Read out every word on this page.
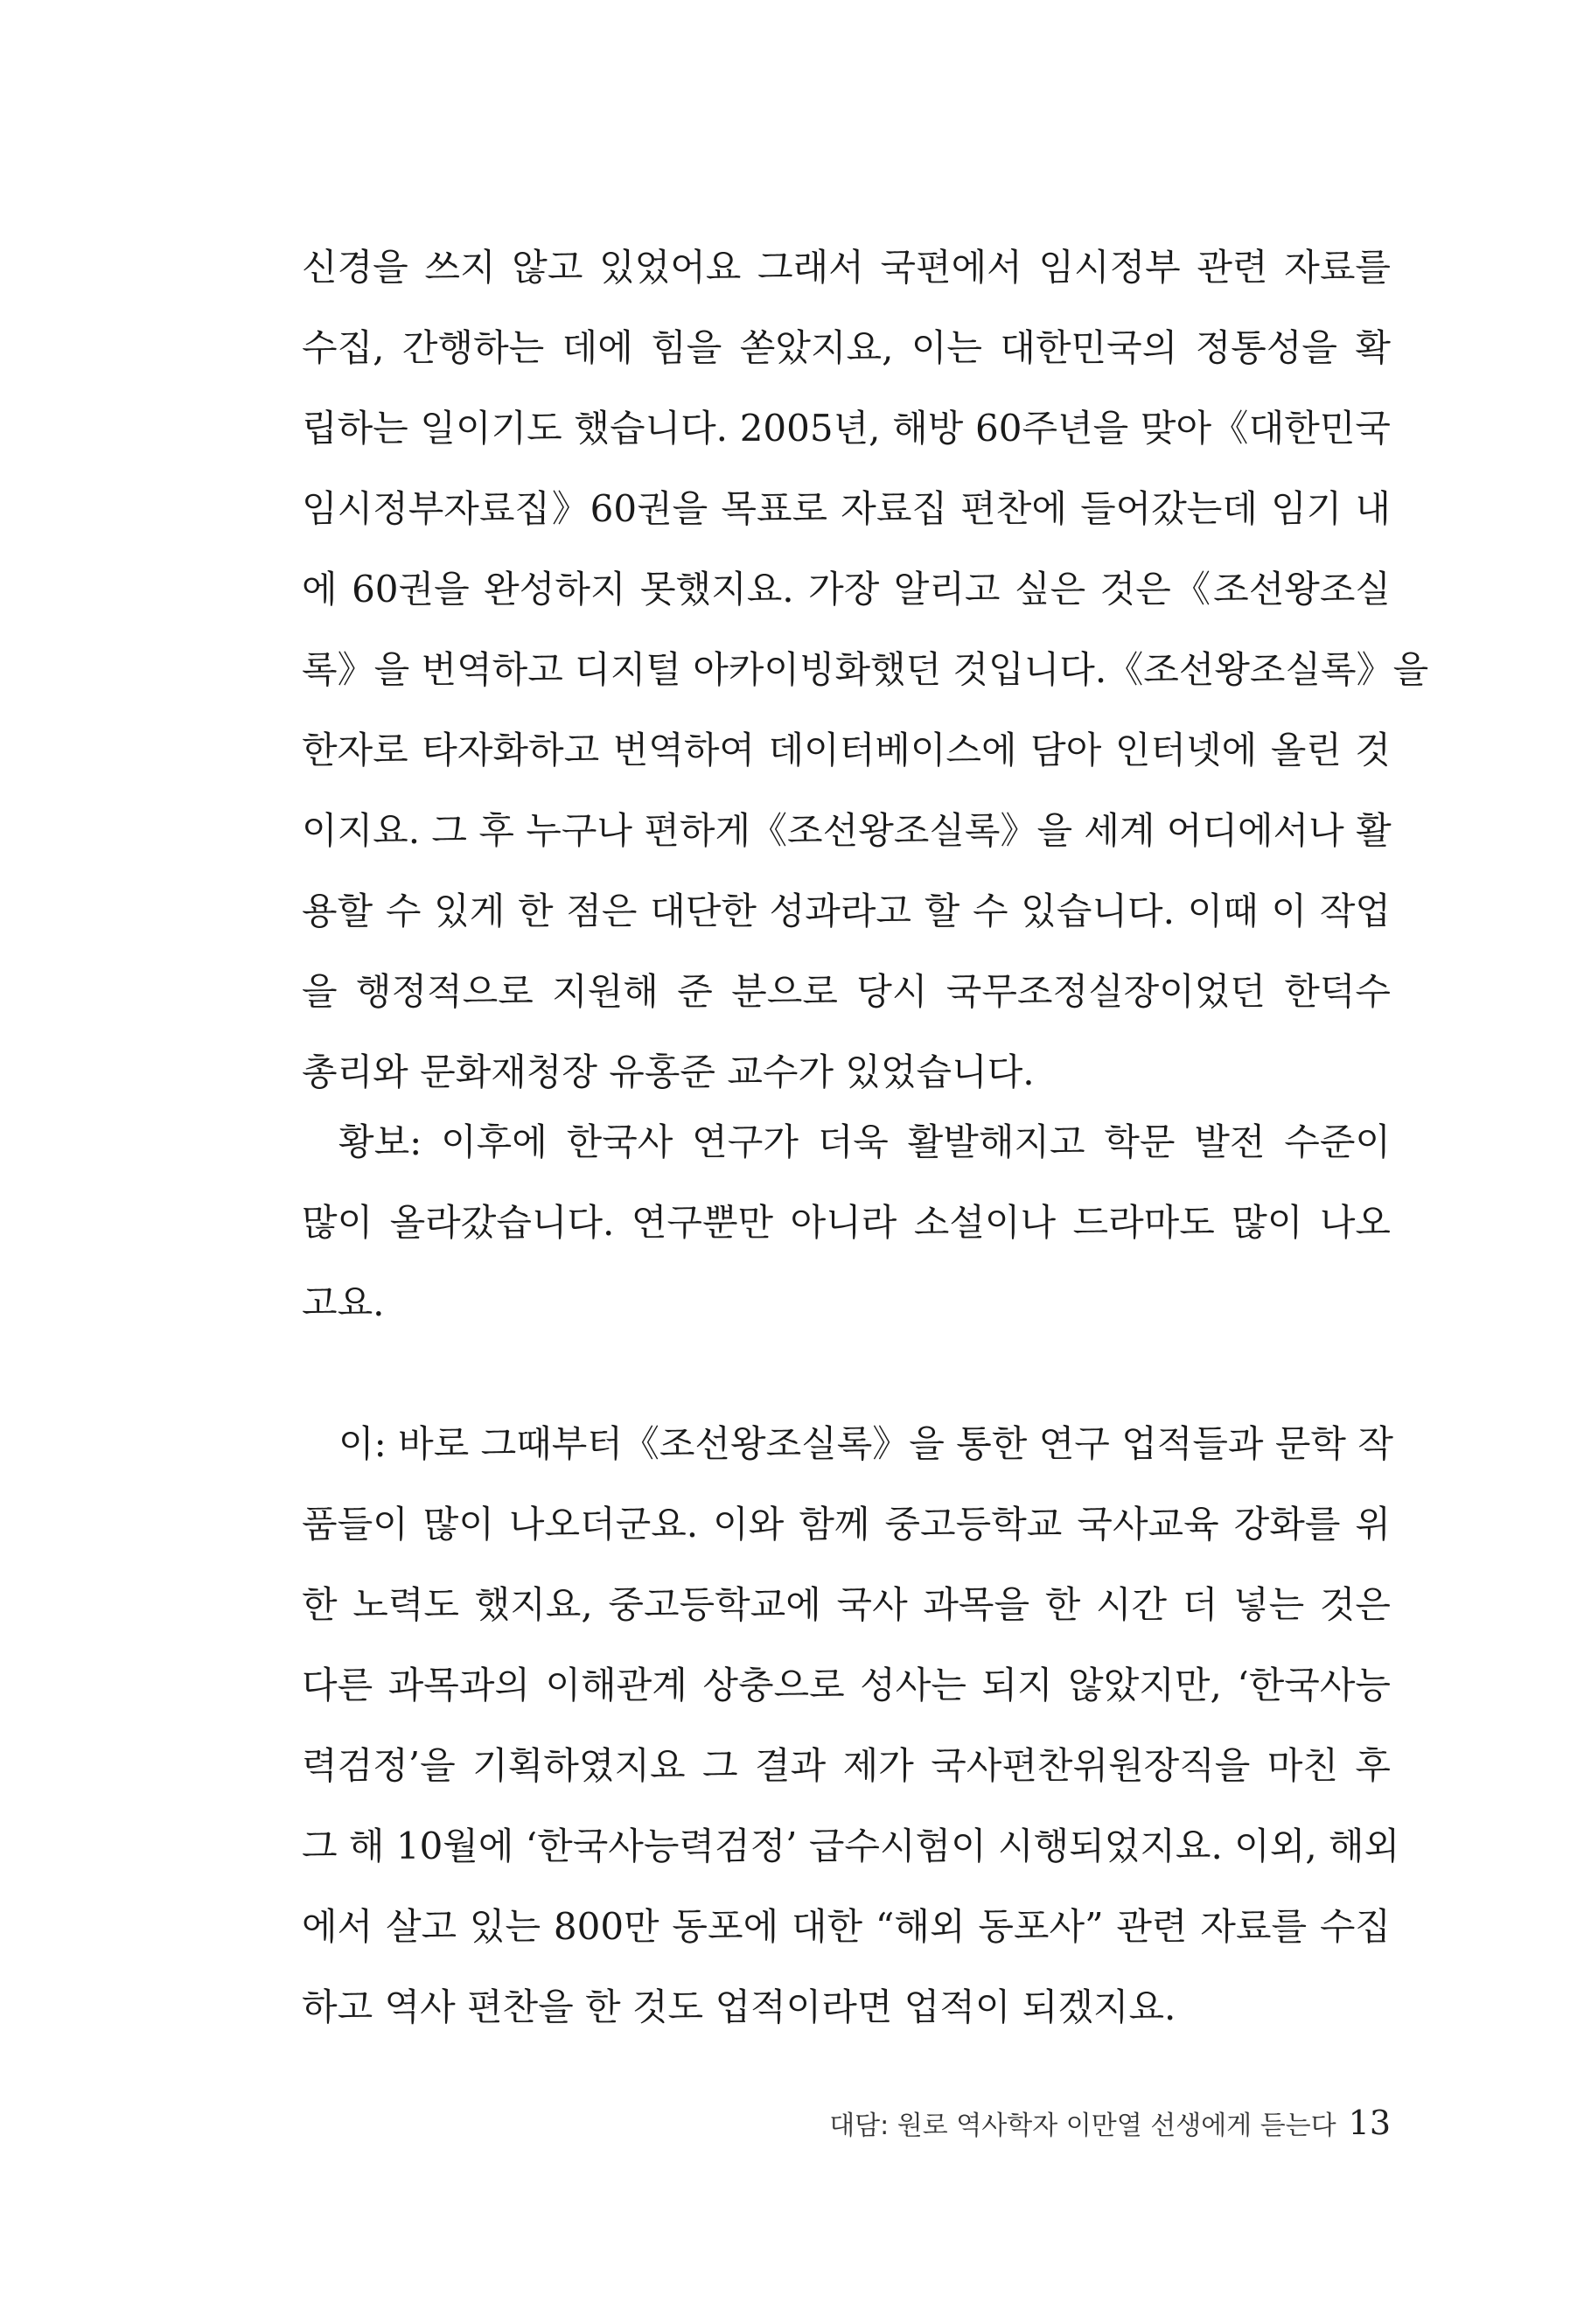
신경을 쓰지 않고 있었어요 그래서 국편에서 임시정부 관련 자료를
수집, 간행하는 데에 힘을 쏟았지요, 이는 대한민국의 정통성을 확
립하는 일이기도 했습니다. 2005년, 해방 60주년을 맞아《대한민국
임시정부자료집》60권을 목표로 자료집 편찬에 들어갔는데 임기 내
에 60권을 완성하지 못했지요. 가장 알리고 싶은 것은《조선왕조실
록》을 번역하고 디지털 아카이빙화했던 것입니다.《조선왕조실록》을
한자로 타자화하고 번역하여 데이터베이스에 담아 인터넷에 올린 것
이지요. 그 후 누구나 편하게《조선왕조실록》을 세계 어디에서나 활
용할 수 있게 한 점은 대단한 성과라고 할 수 있습니다. 이때 이 작업
을 행정적으로 지원해 준 분으로 당시 국무조정실장이었던 한덕수
총리와 문화재청장 유홍준 교수가 있었습니다.
황보: 이후에 한국사 연구가 더욱 활발해지고 학문 발전 수준이
많이 올라갔습니다. 연구뿐만 아니라 소설이나 드라마도 많이 나오
고요.
이: 바로 그때부터《조선왕조실록》을 통한 연구 업적들과 문학 작
품들이 많이 나오더군요. 이와 함께 중고등학교 국사교육 강화를 위
한 노력도 했지요, 중고등학교에 국사 과목을 한 시간 더 넣는 것은
다른 과목과의 이해관계 상충으로 성사는 되지 않았지만, ‘한국사능
력검정’을 기획하였지요 그 결과 제가 국사편찬위원장직을 마친 후
그 해 10월에 ‘한국사능력검정’ 급수시험이 시행되었지요. 이외, 해외
에서 살고 있는 800만 동포에 대한 “해외 동포사” 관련 자료를 수집
하고 역사 편찬을 한 것도 업적이라면 업적이 되겠지요.
대담: 원로 역사학자 이만열 선생에게 듣는다 13
